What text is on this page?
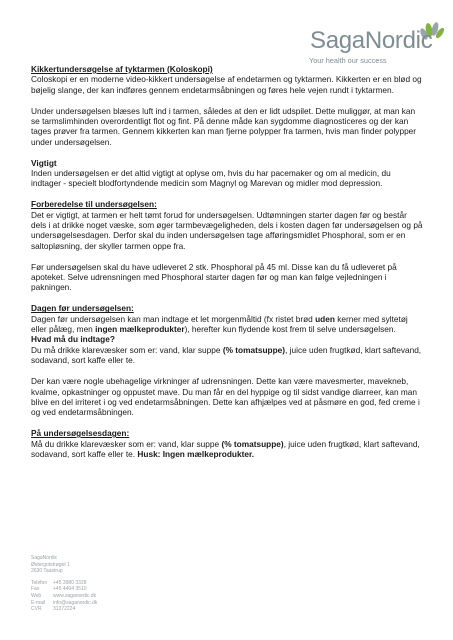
SagaNordic
Your health our success

Kikkertundersøgelse af tyktarmen (Koloskopi)

Coloskopi er en moderne video-kikkert undersøgelse af endetarmen og tyktarmen. Kikkerten er en blød og bøjelig slange, der kan indføres gennem endetarmsåbningen og føres hele vejen rundt i tyktarmen.

Under undersøgelsen blæses luft ind i tarmen, således at den er lidt udspilet. Dette muliggør, at man kan se tarmslimhinden overordentligt flot og fint. På denne måde kan sygdomme diagnosticeres og der kan tages prøver fra tarmen. Gennem kikkerten kan man fjerne polypper fra tarmen, hvis man finder polypper under undersøgelsen.

Vigtigt

Inden undersøgelsen er det altid vigtigt at oplyse om, hvis du har pacemaker og om al medicin, du indtager - specielt blodfortyndende medicin som Magnyl og Marevan og midler mod depression.

Forberedelse til undersøgelsen:

Det er vigtigt, at tarmen er helt tømt forud for undersøgelsen. Udtømningen starter dagen før og består dels i at drikke noget væske, som øger tarmbevægeligheden, dels i kosten dagen før undersøgelsen og på undersøgelsesdagen. Derfor skal du inden undersøgelsen tage afføringsmidlet Phosphoral, som er en saltopløsning, der skyller tarmen oppe fra.

Før undersøgelsen skal du have udleveret 2 stk. Phosphoral på 45 ml. Disse kan du få udleveret på apoteket. Selve udrensningen med Phosphoral starter dagen før og man kan følge vejledningen i pakningen.

Dagen før undersøgelsen:

Dagen før undersøgelsen kan man indtage et let morgenmåltid (fx ristet brød uden kerner med syltetøj eller pålæg, men ingen mælkeprodukter), herefter kun flydende kost frem til selve undersøgelsen.

Hvad må du indtage?

Du må drikke klarevæsker som er: vand, klar suppe (% tomatsuppe), juice uden frugtkød, klart saftevand, sodavand, sort kaffe eller te.

Der kan være nogle ubehagelige virkninger af udrensningen. Dette kan være mavesmerter, mavekneb, kvalme, opkastninger og oppustet mave. Du man får en del hyppige og til sidst vandige diarreer, kan man blive en del irriteret i og ved endetarmsåbningen. Dette kan afhjælpes ved at påsmøre en god, fed creme i og ved endetarmsåbningen.

På undersøgelsesdagen:

Må du drikke klarevæsker som er: vand, klar suppe (% tomatsuppe), juice uden frugtkød, klart saftevand, sodavand, sort kaffe eller te. Husk: Ingen mælkeprodukter.

SagaNordic
Østergotstrøget 1
2630 Taastrup
Telefon	+45 3980 3328
Fax	+45 4494 3510
Web	www.saganordic.dk
E-mail	info@saganordic.dk
CVR	31372224
